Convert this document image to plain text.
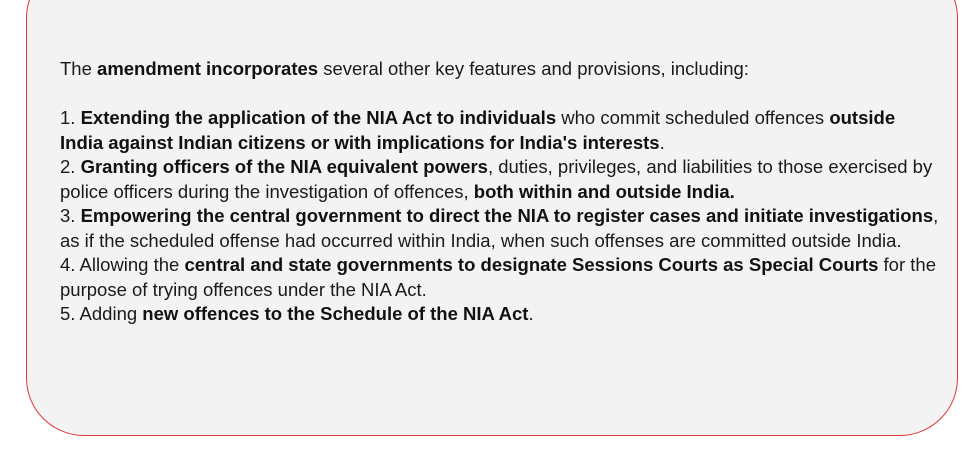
The amendment incorporates several other key features and provisions, including:

1. Extending the application of the NIA Act to individuals who commit scheduled offences outside India against Indian citizens or with implications for India's interests.

2. Granting officers of the NIA equivalent powers, duties, privileges, and liabilities to those exercised by police officers during the investigation of offences, both within and outside India.

3. Empowering the central government to direct the NIA to register cases and initiate investigations, as if the scheduled offense had occurred within India, when such offenses are committed outside India.

4. Allowing the central and state governments to designate Sessions Courts as Special Courts for the purpose of trying offences under the NIA Act.

5. Adding new offences to the Schedule of the NIA Act.
